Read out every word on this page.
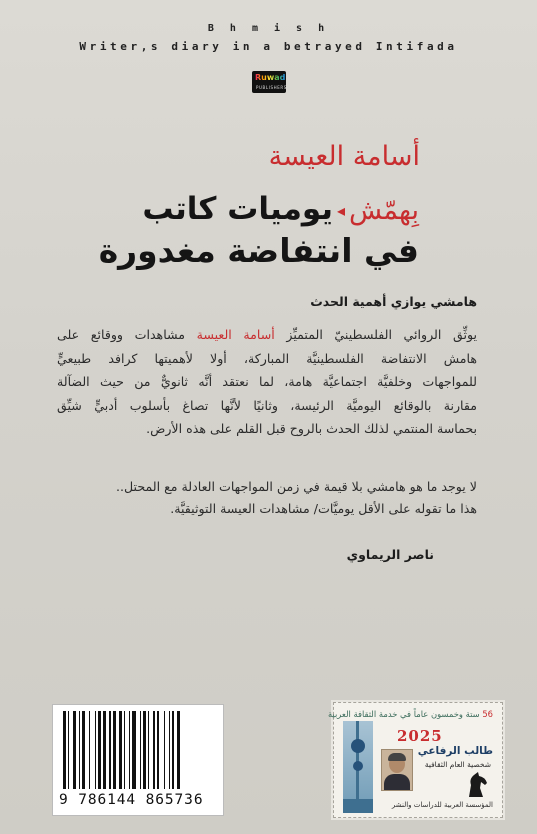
B h m i s h
Writer,s diary in a betrayed Intifada
Ruwad
PUBLISHERS
أسامة العيسة
بِهمّش◂يوميات كاتب
في انتفاضة مغدورة
هامشي يوازي أهمية الحدث
يوثِّق الروائي الفلسطينيّ المتميِّز أسامة العيسة مشاهدات ووقائع على
هامش الانتفاضة الفلسطينيَّة المباركة، أولا لأهميتها كرافد طبيعيٍّ
للمواجهات وخلفيَّة اجتماعيَّة هامة، لما نعتقد أنَّه ثانويٌّ من حيث الضآلة
مقارنة بالوقائع اليوميَّة الرئيسة، وثانيًا لأنَّها تصاغ بأسلوب أدبيٍّ شيِّق
بحماسة المنتمي لذلك الحدث بالروح قبل القلم على هذه الأرض.
لا يوجد ما هو هامشي بلا قيمة في زمن المواجهات العادلة مع المحتل..
هذا ما تقوله على الأقل يوميَّات/ مشاهدات العيسة التوثيقيَّة.
ناصر الريماوي
9 786144 865736
56 ستة وخمسون عاماً في خدمة الثقافة العربية
2025
طالب الرفاعي
شخصية العام الثقافية
المؤسسة العربية للدراسات والنشر
